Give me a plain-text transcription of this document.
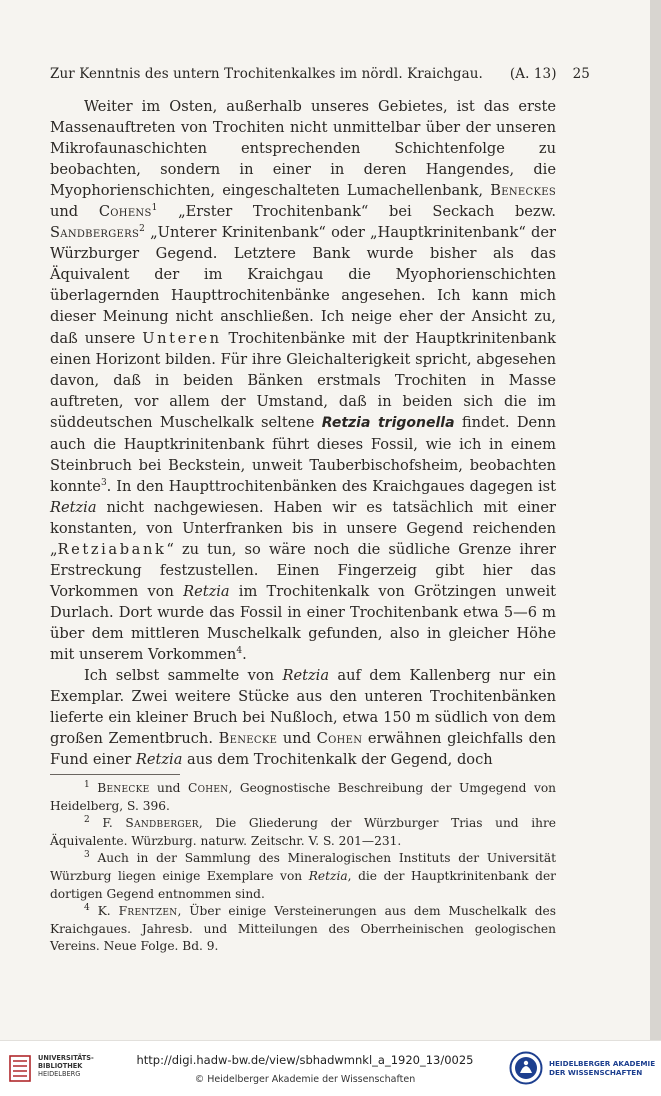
Zur Kenntnis des untern Trochitenkalkes im nördl. Kraichgau.	(A. 13) 25

Weiter im Osten, außerhalb unseres Gebietes, ist das erste Massenauftreten von Trochiten nicht unmittelbar über der unseren Mikrofaunaschichten entsprechenden Schichtenfolge zu beobachten, sondern in einer in deren Hangendes, die Myophorienschichten, eingeschalteten Lumachellenbank, Beneckes und Cohens$^1$ „Erster Trochitenbank“ bei Seckach bezw. Sandbergers$^2$ „Unterer Krinitenbank“ oder „Hauptkrinitenbank“ der Würzburger Gegend. Letztere Bank wurde bisher als das Äquivalent der im Kraichgau die Myophorienschichten überlagernden Haupttrochitenbänke angesehen. Ich kann mich dieser Meinung nicht anschließen. Ich neige eher der Ansicht zu, daß unsere Unteren Trochitenbänke mit der Hauptkrinitenbank einen Horizont bilden. Für ihre Gleichalterigkeit spricht, abgesehen davon, daß in beiden Bänken erstmals Trochiten in Masse auftreten, vor allem der Umstand, daß in beiden sich die im süddeutschen Muschelkalk seltene Retzia trigonella findet. Denn auch die Hauptkrinitenbank führt dieses Fossil, wie ich in einem Steinbruch bei Beckstein, unweit Tauberbischofsheim, beobachten konnte$^3$. In den Haupttrochitenbänken des Kraichgaues dagegen ist Retzia nicht nachgewiesen. Haben wir es tatsächlich mit einer konstanten, von Unterfranken bis in unsere Gegend reichenden „Retziabank“ zu tun, so wäre noch die südliche Grenze ihrer Erstreckung festzustellen. Einen Fingerzeig gibt hier das Vorkommen von Retzia im Trochitenkalk von Grötzingen unweit Durlach. Dort wurde das Fossil in einer Trochitenbank etwa 5—6 m über dem mittleren Muschelkalk gefunden, also in gleicher Höhe mit unserem Vorkommen$^4$.

Ich selbst sammelte von Retzia auf dem Kallenberg nur ein Exemplar. Zwei weitere Stücke aus den unteren Trochitenbänken lieferte ein kleiner Bruch bei Nußloch, etwa 150 m südlich von dem großen Zementbruch. Benecke und Cohen erwähnen gleichfalls den Fund einer Retzia aus dem Trochitenkalk der Gegend, doch

$^1$ Benecke und Cohen, Geognostische Beschreibung der Umgegend von Heidelberg, S. 396.

$^2$ F. Sandberger, Die Gliederung der Würzburger Trias und ihre Äquivalente. Würzburg. naturw. Zeitschr. V. S. 201—231.

$^3$ Auch in der Sammlung des Mineralogischen Instituts der Universität Würzburg liegen einige Exemplare von Retzia, die der Hauptkrinitenbank der dortigen Gegend entnommen sind.

$^4$ K. Frentzen, Über einige Versteinerungen aus dem Muschelkalk des Kraichgaues. Jahresb. und Mitteilungen des Oberrheinischen geologischen Vereins. Neue Folge. Bd. 9.

UNIVERSITÄTS-
BIBLIOTHEK
HEIDELBERG
http://digi.hadw-bw.de/view/sbhadwmnkl_a_1920_13/0025
© Heidelberger Akademie der Wissenschaften
HEIDELBERGER AKADEMIE
DER WISSENSCHAFTEN
